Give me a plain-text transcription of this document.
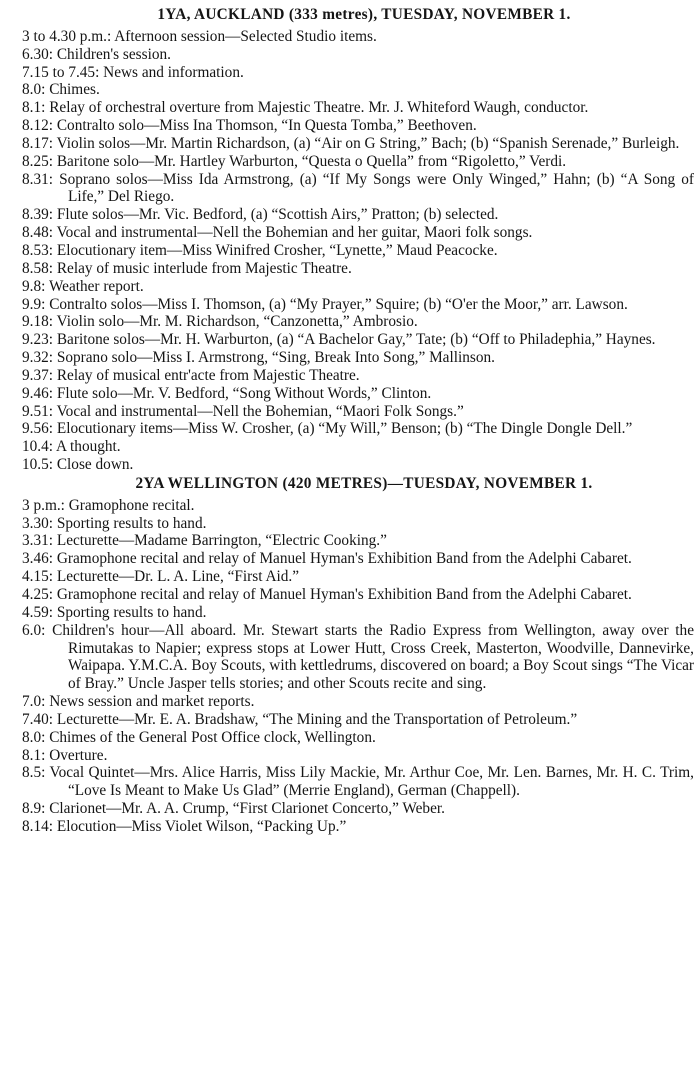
1YA, AUCKLAND (333 metres), TUESDAY, NOVEMBER 1.
3 to 4.30 p.m.: Afternoon session—Selected Studio items.
6.30: Children's session.
7.15 to 7.45: News and information.
8.0: Chimes.
8.1: Relay of orchestral overture from Majestic Theatre. Mr. J. Whiteford Waugh, conductor.
8.12: Contralto solo—Miss Ina Thomson, “In Questa Tomba,” Beethoven.
8.17: Violin solos—Mr. Martin Richardson, (a) “Air on G String,” Bach; (b) “Spanish Serenade,” Burleigh.
8.25: Baritone solo—Mr. Hartley Warburton, “Questa o Quella” from “Rigoletto,” Verdi.
8.31: Soprano solos—Miss Ida Armstrong, (a) “If My Songs were Only Winged,” Hahn; (b) “A Song of Life,” Del Riego.
8.39: Flute solos—Mr. Vic. Bedford, (a) “Scottish Airs,” Pratton; (b) selected.
8.48: Vocal and instrumental—Nell the Bohemian and her guitar, Maori folk songs.
8.53: Elocutionary item—Miss Winifred Crosher, “Lynette,” Maud Peacocke.
8.58: Relay of music interlude from Majestic Theatre.
9.8: Weather report.
9.9: Contralto solos—Miss I. Thomson, (a) “My Prayer,” Squire; (b) “O'er the Moor,” arr. Lawson.
9.18: Violin solo—Mr. M. Richardson, “Canzonetta,” Ambrosio.
9.23: Baritone solos—Mr. H. Warburton, (a) “A Bachelor Gay,” Tate; (b) “Off to Philadephia,” Haynes.
9.32: Soprano solo—Miss I. Armstrong, “Sing, Break Into Song,” Mallinson.
9.37: Relay of musical entr'acte from Majestic Theatre.
9.46: Flute solo—Mr. V. Bedford, “Song Without Words,” Clinton.
9.51: Vocal and instrumental—Nell the Bohemian, “Maori Folk Songs.”
9.56: Elocutionary items—Miss W. Crosher, (a) “My Will,” Benson; (b) “The Dingle Dongle Dell.”
10.4: A thought.
10.5: Close down.
2YA WELLINGTON (420 METRES)—TUESDAY, NOVEMBER 1.
3 p.m.: Gramophone recital.
3.30: Sporting results to hand.
3.31: Lecturette—Madame Barrington, “Electric Cooking.”
3.46: Gramophone recital and relay of Manuel Hyman's Exhibition Band from the Adelphi Cabaret.
4.15: Lecturette—Dr. L. A. Line, “First Aid.”
4.25: Gramophone recital and relay of Manuel Hyman's Exhibition Band from the Adelphi Cabaret.
4.59: Sporting results to hand.
6.0: Children's hour—All aboard. Mr. Stewart starts the Radio Express from Wellington, away over the Rimutakas to Napier; express stops at Lower Hutt, Cross Creek, Masterton, Woodville, Dannevirke, Waipapa. Y.M.C.A. Boy Scouts, with kettledrums, discovered on board; a Boy Scout sings “The Vicar of Bray.” Uncle Jasper tells stories; and other Scouts recite and sing.
7.0: News session and market reports.
7.40: Lecturette—Mr. E. A. Bradshaw, “The Mining and the Transportation of Petroleum.”
8.0: Chimes of the General Post Office clock, Wellington.
8.1: Overture.
8.5: Vocal Quintet—Mrs. Alice Harris, Miss Lily Mackie, Mr. Arthur Coe, Mr. Len. Barnes, Mr. H. C. Trim, “Love Is Meant to Make Us Glad” (Merrie England), German (Chappell).
8.9: Clarionet—Mr. A. A. Crump, “First Clarionet Concerto,” Weber.
8.14: Elocution—Miss Violet Wilson, “Packing Up.”
